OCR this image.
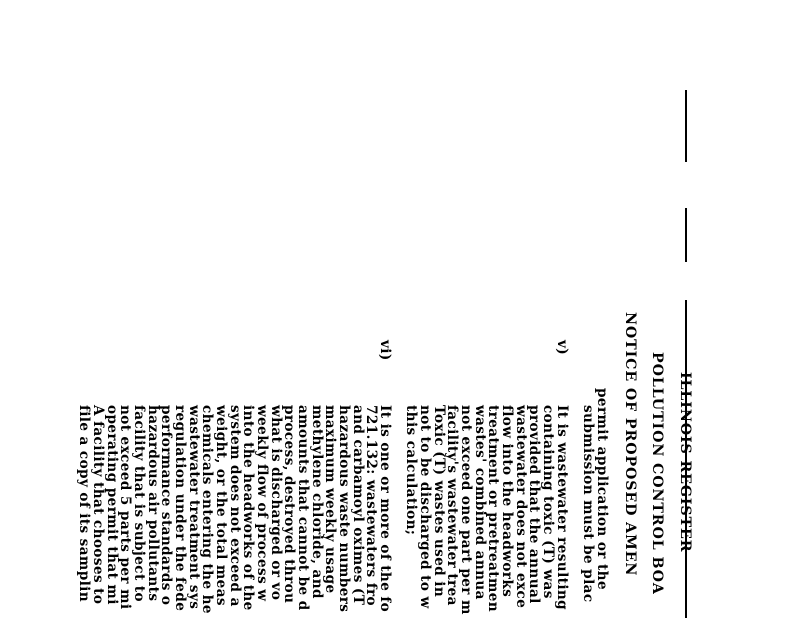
ILLINOIS REGISTER
POLLUTION CONTROL BOA
NOTICE OF PROPOSED AMEN
permit application or the
submission must be plac
v)
It is wastewater resulting
containing toxic (T) was
provided that the annual
wastewater does not exce
flow into the headworks
treatment or pretreatmen
wastes' combined annua
not exceed one part per m
facility's wastewater trea
Toxic (T) wastes used in
not to be discharged to w
this calculation;
vi)
It is one or more of the fo
721.132: wastewaters fro
and carbamoyl oximes (T
hazardous waste numbers
maximum weekly usage
methylene chloride, and
amounts that cannot be d
process, destroyed throu
what is discharged or vo
weekly flow of process w
into the headworks of the
system does not exceed a
weight, or the total meas
chemicals entering the he
wastewater treatment sys
regulation under the fede
performance standards o
hazardous air pollutants
facility that is subject to
not exceed 5 parts per mi
operating permit that mi
A facility that chooses to
file a copy of its samplin
